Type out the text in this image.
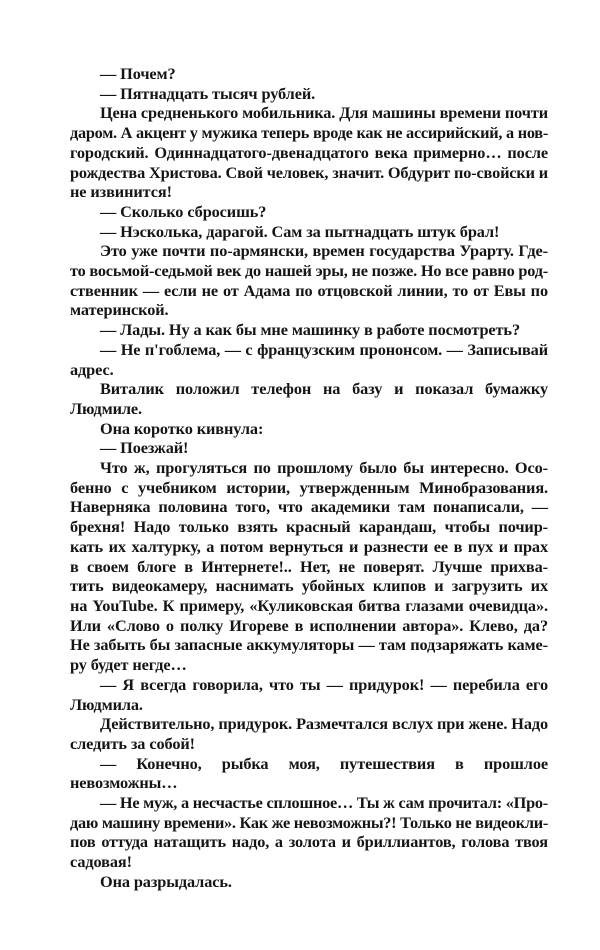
— Почем?
— Пятнадцать тысяч рублей.
Цена средненького мобильника. Для машины времени почти
даром. А акцент у мужика теперь вроде как не ассирийский, а нов-
городский. Одиннадцатого-двенадцатого века примерно… после
рождества Христова. Свой человек, значит. Обдурит по-свойски и
не извинится!
— Сколько сбросишь?
— Нэсколька, дарагой. Сам за пытнадцать штук брал!
Это уже почти по-армянски, времен государства Урарту. Где-
то восьмой-седьмой век до нашей эры, не позже. Но все равно род-
ственник — если не от Адама по отцовской линии, то от Евы по
материнской.
— Лады. Ну а как бы мне машинку в работе посмотреть?
— Не п'гоблема, — с французским прононсом. — Записывай
адрес.
Виталик положил телефон на базу и показал бумажку
Людмиле.
Она коротко кивнула:
— Поезжай!
Что ж, прогуляться по прошлому было бы интересно. Осо-
бенно с учебником истории, утвержденным Минобразования.
Наверняка половина того, что академики там понаписали, —
брехня! Надо только взять красный карандаш, чтобы почир-
кать их халтурку, а потом вернуться и разнести ее в пух и прах
в своем блоге в Интернете!.. Нет, не поверят. Лучше прихва-
тить видеокамеру, наснимать убойных клипов и загрузить их
на YouTube. К примеру, «Куликовская битва глазами очевидца».
Или «Слово о полку Игореве в исполнении автора». Клево, да?
Не забыть бы запасные аккумуляторы — там подзаряжать каме-
ру будет негде…
— Я всегда говорила, что ты — придурок! — перебила его
Людмила.
Действительно, придурок. Размечтался вслух при жене. Надо
следить за собой!
— Конечно, рыбка моя, путешествия в прошлое
невозможны…
— Не муж, а несчастье сплошное… Ты ж сам прочитал: «Про-
даю машину времени». Как же невозможны?! Только не видеокли-
пов оттуда натащить надо, а золота и бриллиантов, голова твоя
садовая!
Она разрыдалась.
